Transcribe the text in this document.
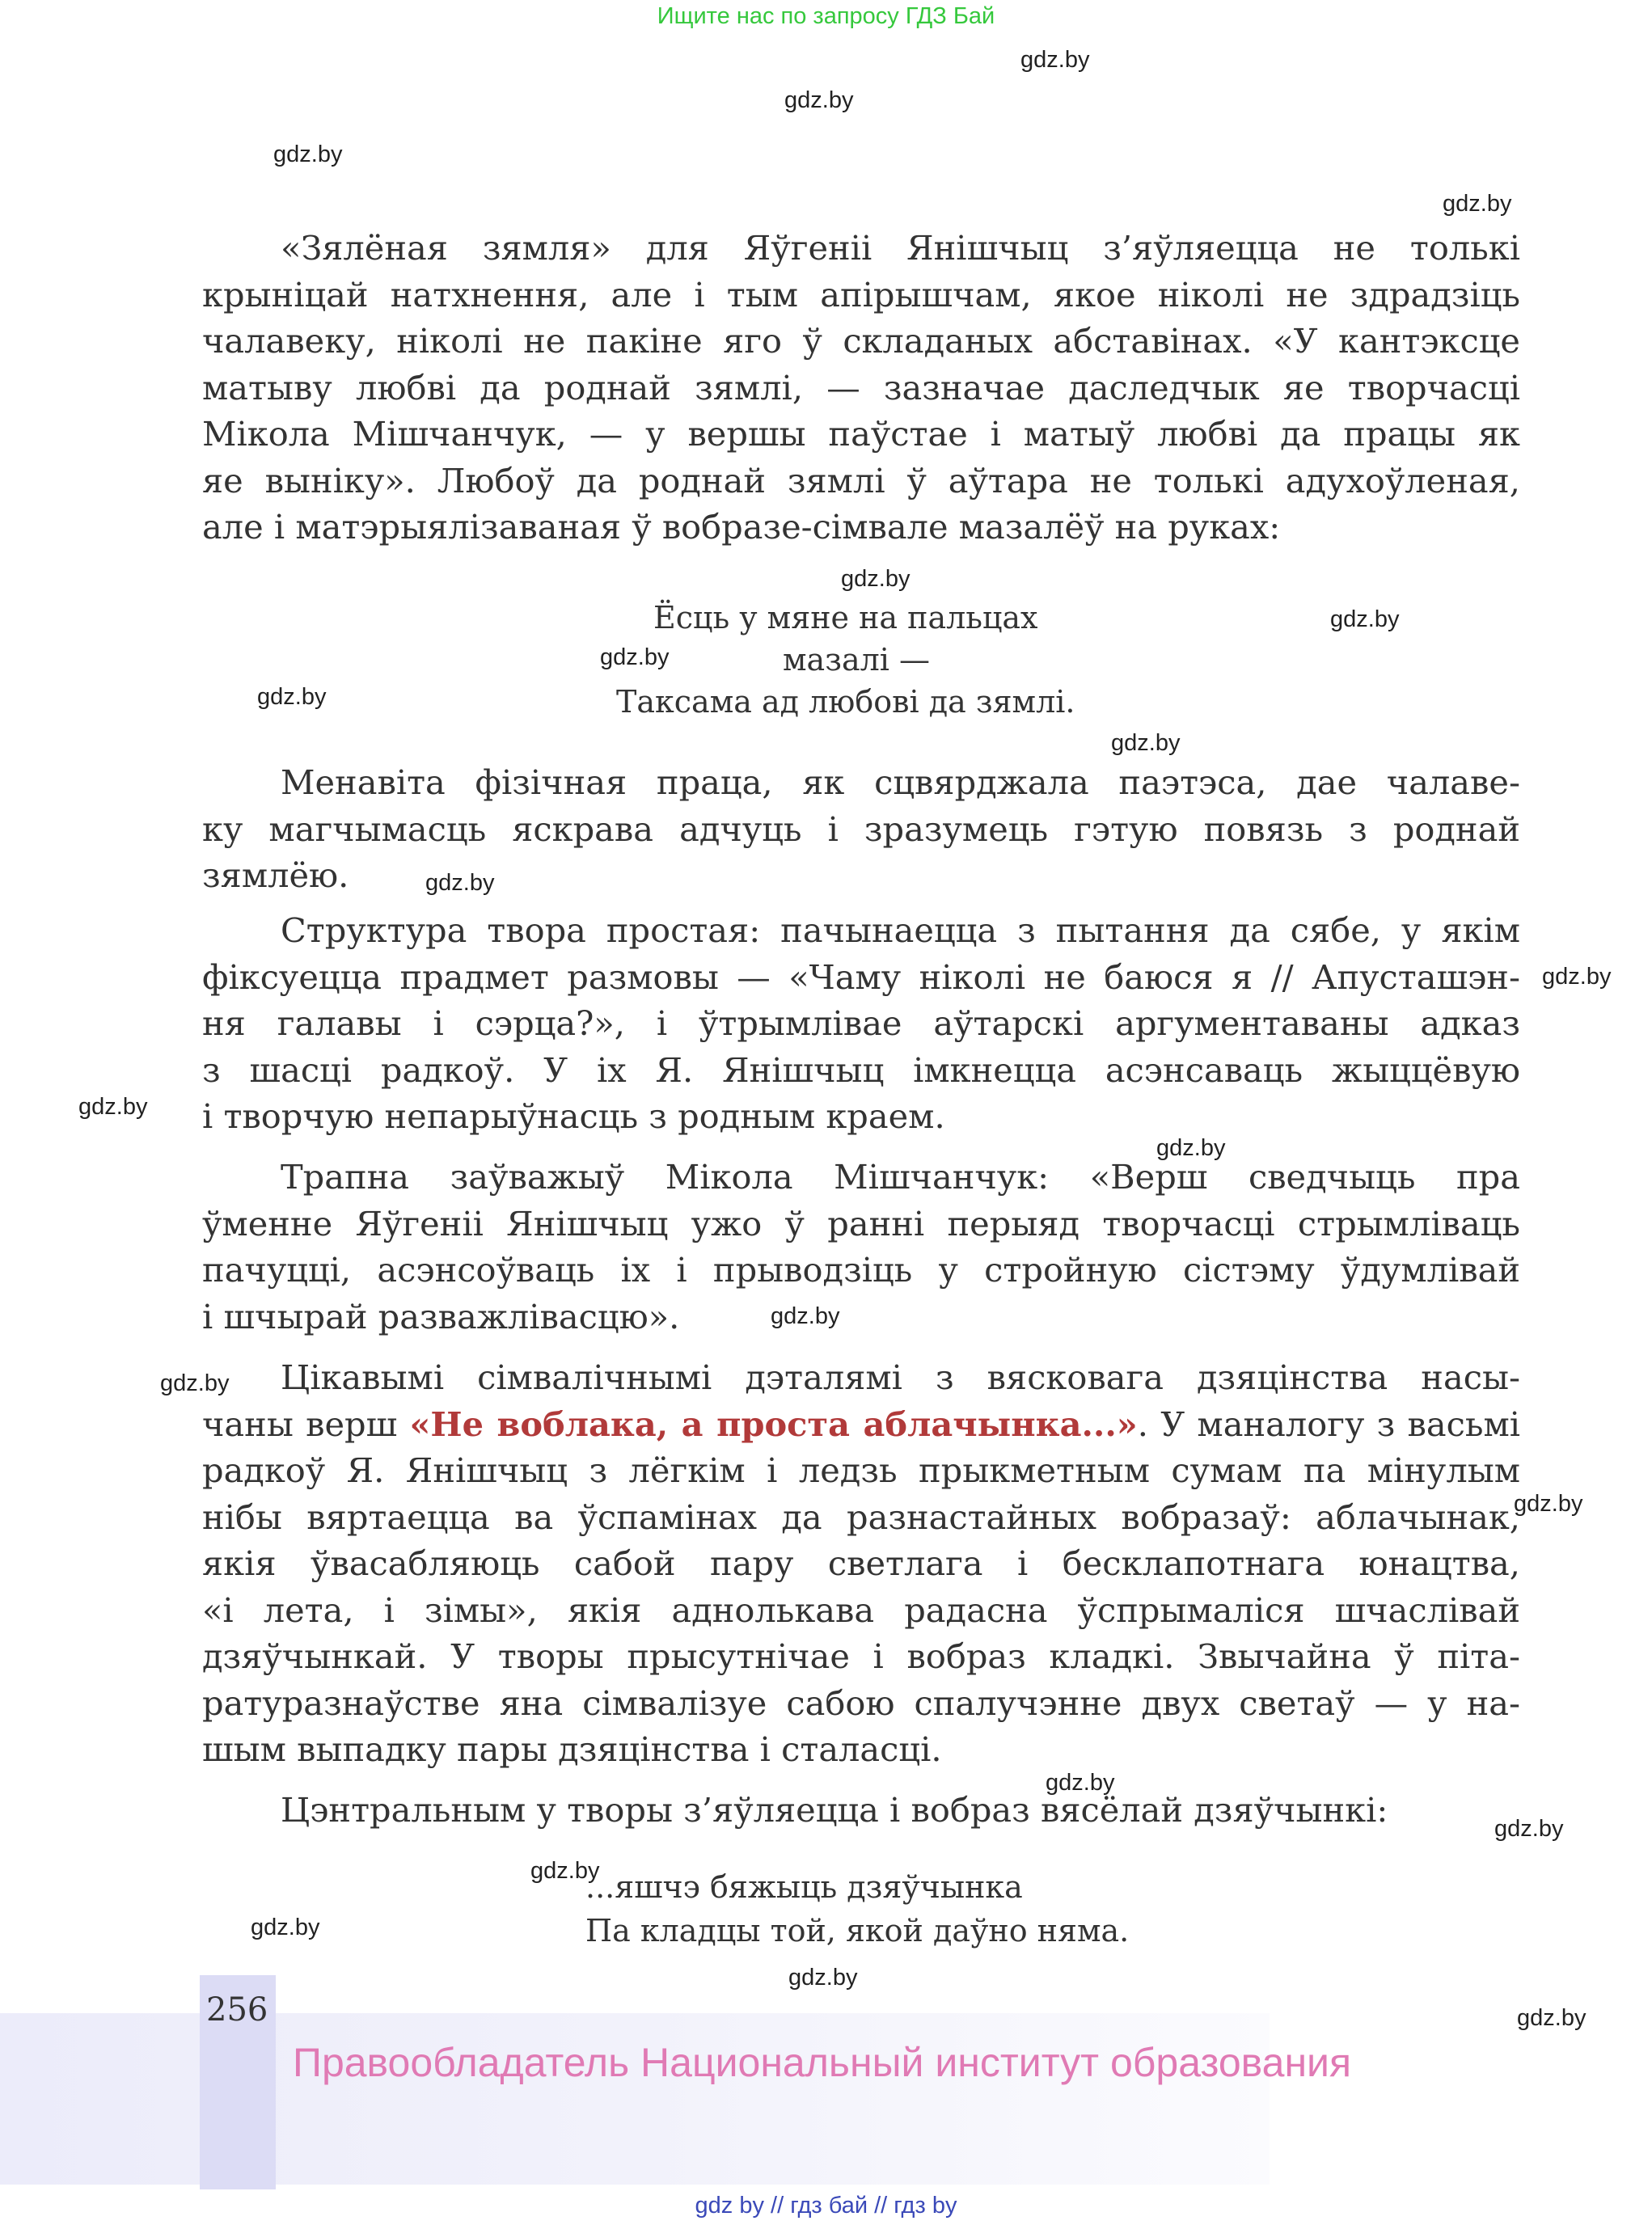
Ищите нас по запросу ГДЗ Бай
gdz.by
gdz.by
gdz.by
gdz.by
gdz.by
gdz.by
gdz.by
gdz.by
gdz.by
gdz.by
gdz.by
gdz.by
gdz.by
gdz.by
gdz.by
gdz.by
gdz.by
gdz.by
gdz.by
gdz.by
gdz.by
gdz.by
«Зялёная зямля» для Яўгеніі Янішчыц з’яўляецца не толькі
крыніцай натхнення, але і тым апірышчам, якое ніколі не здрадзіць
чалавеку, ніколі не пакіне яго ў складаных абставінах. «У кантэксце
матыву любві да роднай зямлі, — зазначае даследчык яе творчасці
Мікола Мішчанчук, — у вершы паўстае і матыў любві да працы як
яе выніку». Любоў да роднай зямлі ў аўтара не толькі адухоўленая,
але і матэрыялізаваная ў вобразе-сімвале мазалёў на руках:
Ёсць у мяне на пальцах
мазалі —
Таксама ад любові да зямлі.
Менавіта фізічная праца, як сцвярджала паэтэса, дае чалаве-
ку магчымасць яскрава адчуць і зразумець гэтую повязь з роднай
зямлёю.
Структура твора простая: пачынаецца з пытання да сябе, у якім
фіксуецца прадмет размовы — «Чаму ніколі не баюся я // Апусташэн-
ня галавы і сэрца?», і ўтрымлівае аўтарскі аргументаваны адказ
з шасці радкоў. У іх Я. Янішчыц імкнецца асэнсаваць жыццёвую
і творчую непарыўнасць з родным краем.
Трапна заўважыў Мікола Мішчанчук: «Верш сведчыць пра
ўменне Яўгеніі Янішчыц ужо ў ранні перыяд творчасці стрымліваць
пачуцці, асэнсоўваць іх і прыводзіць у стройную сістэму ўдумлівай
і шчырай разважлівасцю».
Цікавымі сімвалічнымі дэталямі з вясковага дзяцінства насы-
чаны верш «Не воблака, а проста аблачынка...». У маналогу з васьмі
радкоў Я. Янішчыц з лёгкім і ледзь прыкметным сумам па мінулым
нібы вяртаецца ва ўспамінах да разнастайных вобразаў: аблачынак,
якія ўвасабляюць сабой пару светлага і бесклапотнага юнацтва,
«і лета, і зімы», якія аднолькава радасна ўспрымаліся шчаслівай
дзяўчынкай. У творы прысутнічае і вобраз кладкі. Звычайна ў піта-
ратуразнаўстве яна сімвалізуе сабою спалучэнне двух светаў — у на-
шым выпадку пары дзяцінства і сталасці.
Цэнтральным у творы з’яўляецца і вобраз вясёлай дзяўчынкі:
...яшчэ бяжыць дзяўчынка
Па кладцы той, якой даўно няма.
256
Правообладатель Национальный институт образования
gdz by // гдз бай // гдз by
